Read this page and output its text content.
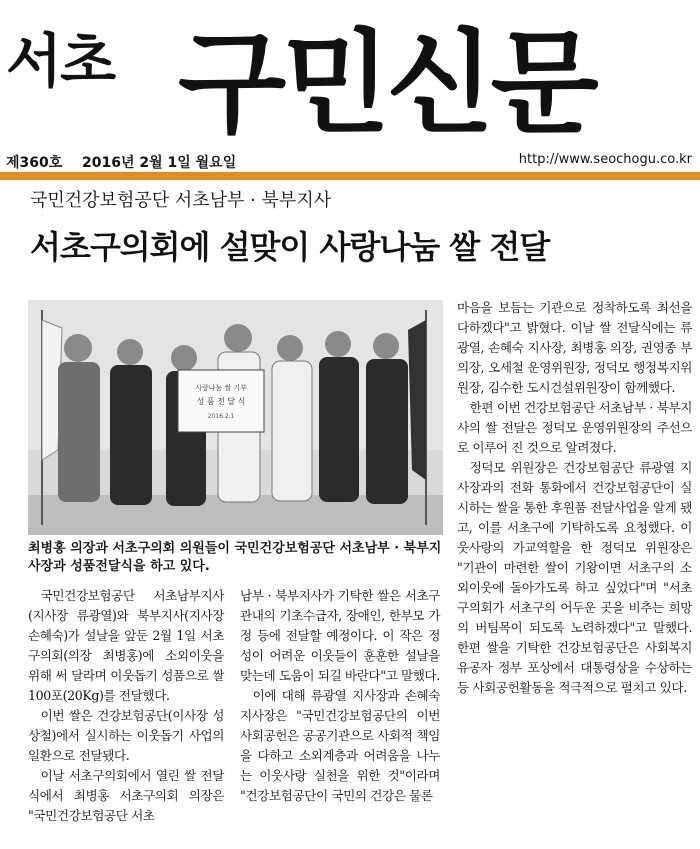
서초 구민신문
제360호 2016년 2월 1일 월요일	http://www.seochogu.co.kr
국민건강보험공단 서초남부 · 북부지사
서초구의회에 설맞이 사랑나눔 쌀 전달
사랑나눔 쌀 기부
성 품 전 달 식
2016.2.1
최병홍 의장과 서초구의회 의원들이 국민건강보험공단 서초남부 · 북부지사장과 성품전달식을 하고 있다.

국민건강보험공단 서초남부지사(지사장 류광열)와 북부지사(지사장 손혜숙)가 설날을 앞둔 2월 1일 서초구의회(의장 최병홍)에 소외이웃을 위해 써 달라며 이웃돕기 성품으로 쌀 100포(20Kg)를 전달했다.

이번 쌀은 건강보험공단(이사장 성상철)에서 실시하는 이웃돕기 사업의 일환으로 전달됐다.

이날 서초구의회에서 열린 쌀 전달식에서 최병홍 서초구의회 의장은 "국민건강보험공단 서초

남부 · 북부지사가 기탁한 쌀은 서초구 관내의 기초수급자, 장애인, 한부모 가정 등에 전달할 예정이다. 이 작은 정성이 어려운 이웃들이 훈훈한 설날을 맞는데 도움이 되길 바란다"고 말했다.

이에 대해 류광열 지사장과 손혜숙 지사장은 "국민건강보험공단의 이번 사회공헌은 공공기관으로 사회적 책임을 다하고 소외계층과 어려움을 나누는 이웃사랑 실천을 위한 것"이라며 "건강보험공단이 국민의 건강은 물론

마음을 보듬는 기관으로 정착하도록 최선을 다하겠다"고 밝혔다. 이날 쌀 전달식에는 류광열, 손혜숙 지사장, 최병홍 의장, 권영종 부의장, 오세철 운영위원장, 정덕모 행정복지위원장, 김수한 도시건설위원장이 함께했다.

한편 이번 건강보험공단 서초남부 · 북부지사의 쌀 전달은 정덕모 운영위원장의 주선으로 이루어 진 것으로 알려졌다.

정덕모 위원장은 건강보험공단 류광열 지사장과의 전화 통화에서 건강보험공단이 실시하는 쌀을 통한 후원품 전달사업을 알게 됐고, 이를 서초구에 기탁하도록 요청했다. 이웃사랑의 가교역할을 한 정덕모 위원장은 "기관이 마련한 쌀이 기왕이면 서초구의 소외이웃에 돌아가도록 하고 싶었다"며 "서초구의회가 서초구의 어두운 곳을 비추는 희망의 버팀목이 되도록 노력하겠다"고 말했다. 한편 쌀을 기탁한 건강보험공단은 사회복지유공자 정부 포상에서 대통령상을 수상하는 등 사회공헌활동을 적극적으로 펼치고 있다.
